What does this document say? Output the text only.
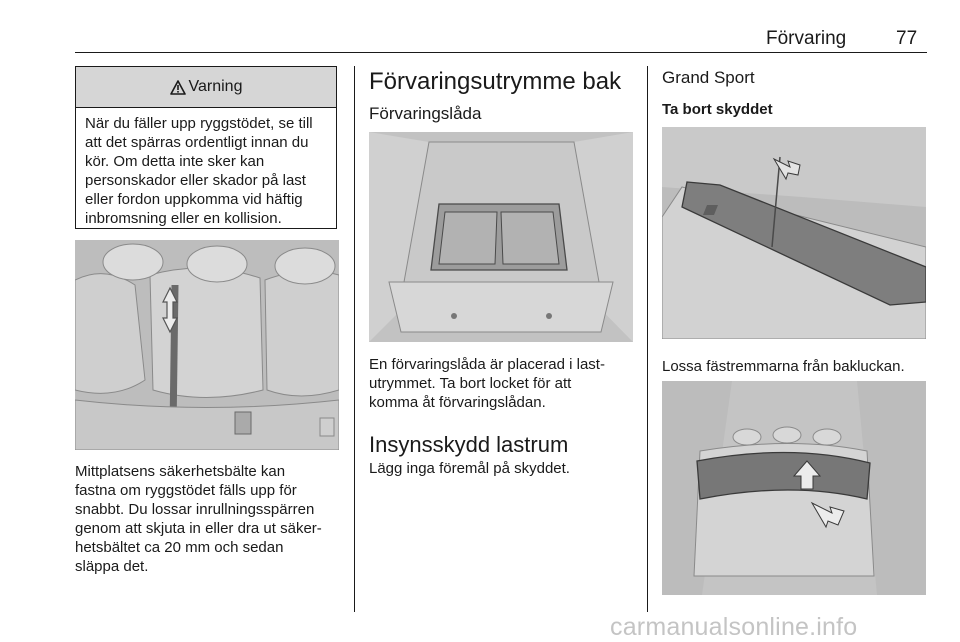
Förvaring	77
Varning
När du fäller upp ryggstödet, se till att det spärras ordentligt innan du kör. Om detta inte sker kan personskador eller skador på last eller fordon uppkomma vid häftig inbromsning eller en kollision.
Mittplatsens säkerhetsbälte kan
fastna om ryggstödet fälls upp för
snabbt. Du lossar inrullningsspärren
genom att skjuta in eller dra ut säker-
hetsbältet ca 20 mm och sedan
släppa det.
Förvaringsutrymme bak
Förvaringslåda
En förvaringslåda är placerad i last-
utrymmet. Ta bort locket för att
komma åt förvaringslådan.
Insynsskydd lastrum
Lägg inga föremål på skyddet.
Grand Sport
Ta bort skyddet
Lossa fästremmarna från bakluckan.
carmanualsonline.info
